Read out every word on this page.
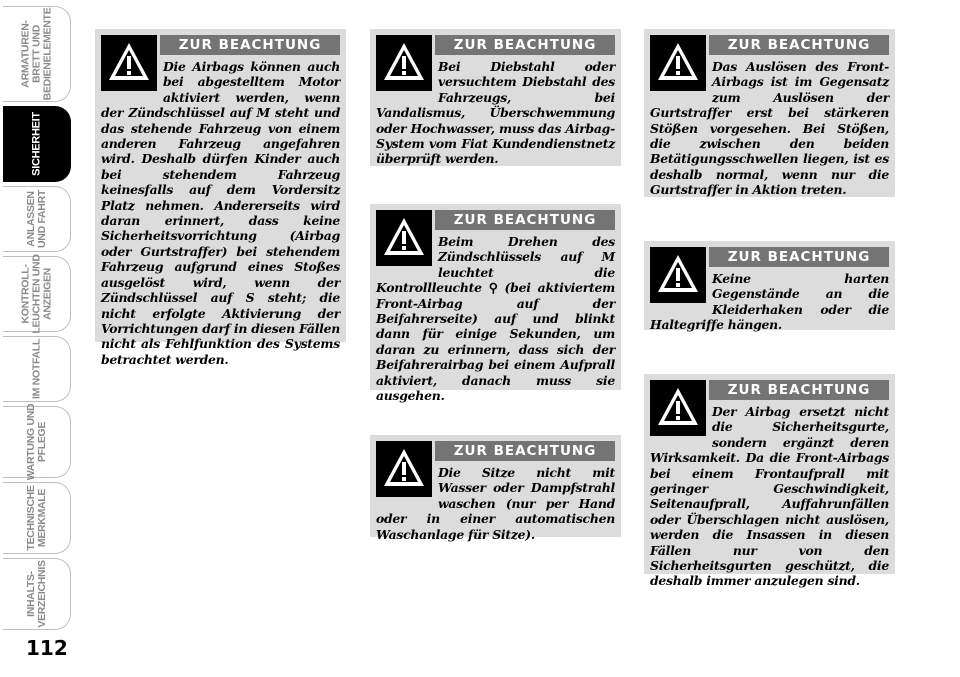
ARMATUREN-
BRETT UND
BEDIENELEMENTE
SICHERHEIT
ANLASSEN
UND FAHRT
KONTROLL-
LEUCHTEN UND
ANZEIGEN
IM NOTFALL
WARTUNG UND
PFLEGE
TECHNISCHE
MERKMALE
INHALTS-
VERZEICHNIS
112
ZUR BEACHTUNG
Die Airbags können auch bei abgestelltem Motor aktiviert werden, wenn der Zündschlüssel auf M steht und das stehende Fahrzeug von einem anderen Fahrzeug angefahren wird. Deshalb dürfen Kinder auch bei stehendem Fahrzeug keinesfalls auf dem Vordersitz Platz nehmen. Andererseits wird daran erinnert, dass keine Sicherheitsvorrichtung (Airbag oder Gurtstraffer) bei stehendem Fahrzeug aufgrund eines Stoßes ausgelöst wird, wenn der Zündschlüssel auf S steht; die nicht erfolgte Aktivierung der Vorrichtungen darf in diesen Fällen nicht als Fehlfunktion des Systems betrachtet werden.
ZUR BEACHTUNG
Bei Diebstahl oder versuchtem Diebstahl des Fahrzeugs, bei Vandalismus, Überschwemmung oder Hochwasser, muss das Airbag-System vom Fiat Kundendienstnetz überprüft werden.
ZUR BEACHTUNG
Beim Drehen des Zündschlüssels auf M leuchtet die Kontrollleuchte ⚲ (bei aktiviertem Front-Airbag auf der Beifahrerseite) auf und blinkt dann für einige Sekunden, um daran zu erinnern, dass sich der Beifahrerairbag bei einem Aufprall aktiviert, danach muss sie ausgehen.
ZUR BEACHTUNG
Die Sitze nicht mit Wasser oder Dampfstrahl waschen (nur per Hand oder in einer automatischen Waschanlage für Sitze).
ZUR BEACHTUNG
Das Auslösen des Front-Airbags ist im Gegensatz zum Auslösen der Gurtstraffer erst bei stärkeren Stößen vorgesehen. Bei Stößen, die zwischen den beiden Betätigungsschwellen liegen, ist es deshalb normal, wenn nur die Gurtstraffer in Aktion treten.
ZUR BEACHTUNG
Keine harten Gegenstände an die Kleiderhaken oder die Haltegriffe hängen.
ZUR BEACHTUNG
Der Airbag ersetzt nicht die Sicherheitsgurte, sondern ergänzt deren Wirksamkeit. Da die Front-Airbags bei einem Frontaufprall mit geringer Geschwindigkeit, Seitenaufprall, Auffahrunfällen oder Überschlagen nicht auslösen, werden die Insassen in diesen Fällen nur von den Sicherheitsgurten geschützt, die deshalb immer anzulegen sind.
